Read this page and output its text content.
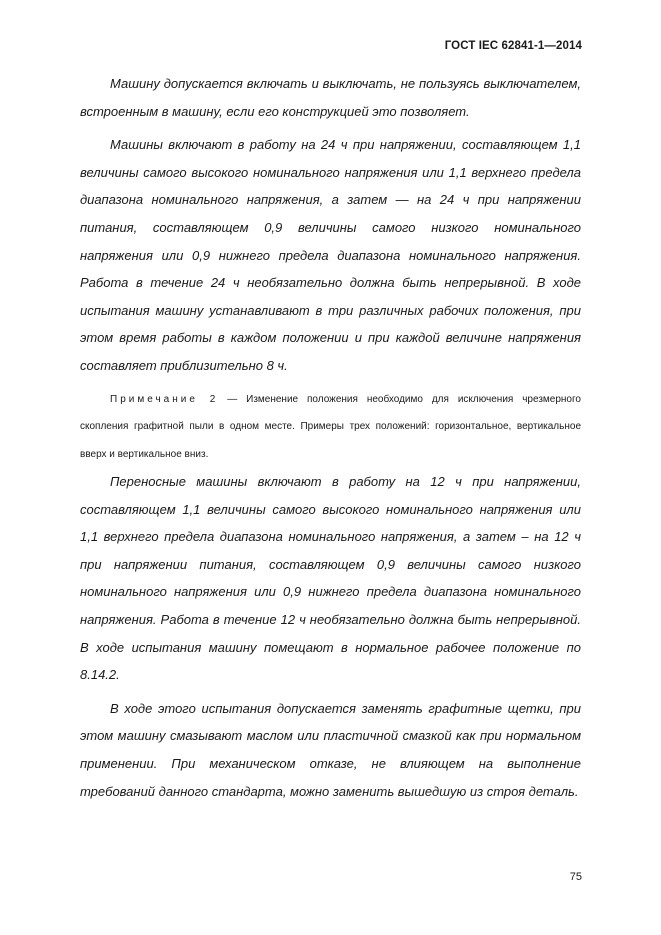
ГОСТ IEC 62841-1—2014

Машину допускается включать и выключать, не пользуясь выключателем, встроенным в машину, если его конструкцией это позволяет.

Машины включают в работу на 24 ч при напряжении, составляющем 1,1 величины самого высокого номинального напряжения или 1,1 верхнего предела диапазона номинального напряжения, а затем — на 24 ч при напряжении питания, составляющем 0,9 величины самого низкого номинального напряжения или 0,9 нижнего предела диапазона номинального напряжения. Работа в течение 24 ч необязательно должна быть непрерывной. В ходе испытания машину устанавливают в три различных рабочих положения, при этом время работы в каждом положении и при каждой величине напряжения составляет приблизительно 8 ч.

Примечание 2 — Изменение положения необходимо для исключения чрезмерного скопления графитной пыли в одном месте. Примеры трех положений: горизонтальное, вертикальное вверх и вертикальное вниз.

Переносные машины включают в работу на 12 ч при напряжении, составляющем 1,1 величины самого высокого номинального напряжения или 1,1 верхнего предела диапазона номинального напряжения, а затем – на 12 ч при напряжении питания, составляющем 0,9 величины самого низкого номинального напряжения или 0,9 нижнего предела диапазона номинального напряжения. Работа в течение 12 ч необязательно должна быть непрерывной. В ходе испытания машину помещают в нормальное рабочее положение по 8.14.2.

В ходе этого испытания допускается заменять графитные щетки, при этом машину смазывают маслом или пластичной смазкой как при нормальном применении. При механическом отказе, не влияющем на выполнение требований данного стандарта, можно заменить вышедшую из строя деталь.

75
